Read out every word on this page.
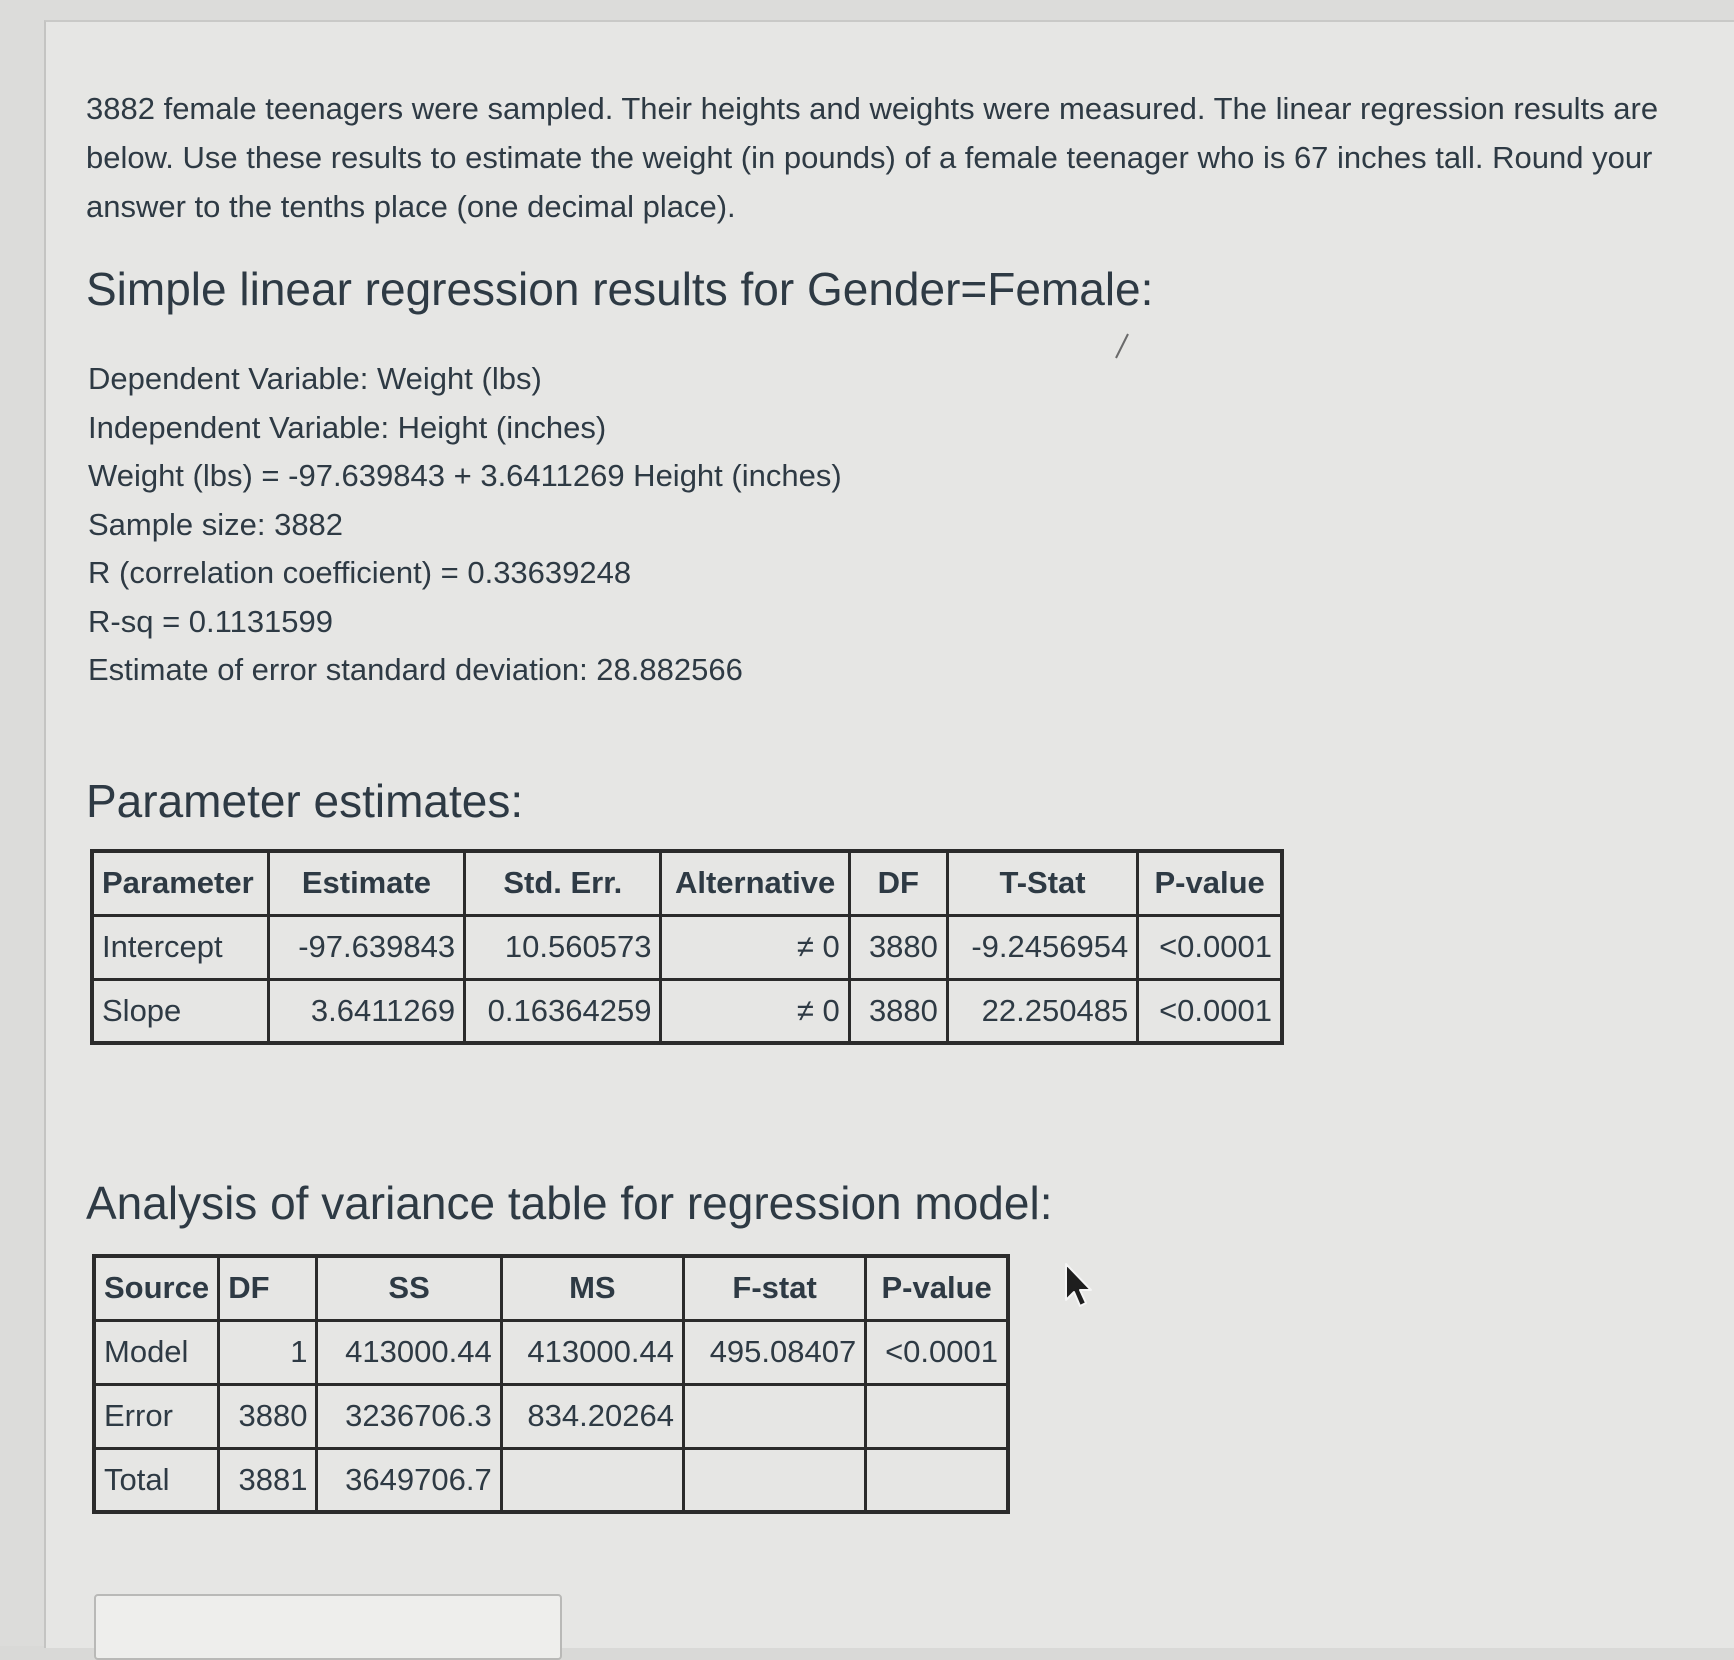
3882 female teenagers were sampled. Their heights and weights were measured. The linear regression results are below. Use these results to estimate the weight (in pounds) of a female teenager who is 67 inches tall. Round your answer to the tenths place (one decimal place).
Simple linear regression results for Gender=Female:
Dependent Variable: Weight (lbs)
Independent Variable: Height (inches)
Weight (lbs) = -97.639843 + 3.6411269 Height (inches)
Sample size: 3882
R (correlation coefficient) = 0.33639248
R-sq = 0.1131599
Estimate of error standard deviation: 28.882566
Parameter estimates:
Parameter	Estimate	Std. Err.	Alternative	DF	T-Stat	P-value
Intercept	-97.639843	10.560573	≠ 0	3880	-9.2456954	<0.0001
Slope	3.6411269	0.16364259	≠ 0	3880	22.250485	<0.0001
Analysis of variance table for regression model:
Source	DF	SS	MS	F-stat	P-value
Model	1	413000.44	413000.44	495.08407	<0.0001
Error	3880	3236706.3	834.20264		
Total	3881	3649706.7			
